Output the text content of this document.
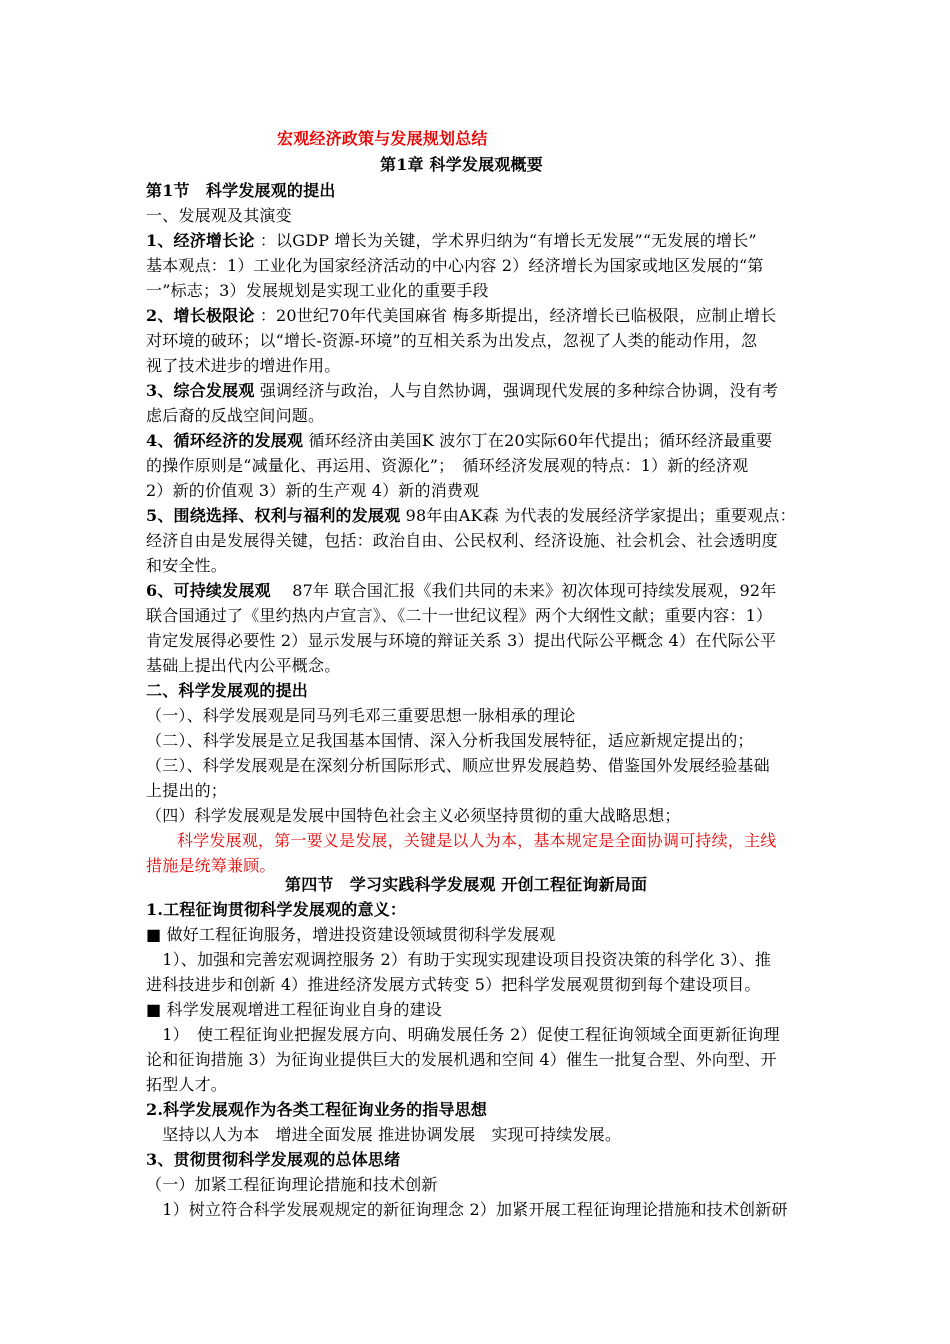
宏观经济政策与发展规划总结
第1章 科学发展观概要
第1节　科学发展观的提出
一、发展观及其演变
1、经济增长论 ：以GDP 增长为关键，学术界归纳为“有增长无发展”“无发展的增长”
基本观点：1）工业化为国家经济活动的中心内容 2）经济增长为国家或地区发展的“第
一”标志；3）发展规划是实现工业化的重要手段
2、增长极限论 ：20世纪70年代美国麻省 梅多斯提出，经济增长已临极限，应制止增长
对环境的破环；以“增长-资源-环境”的互相关系为出发点，忽视了人类的能动作用，忽
视了技术进步的增进作用。
3、综合发展观 强调经济与政治，人与自然协调，强调现代发展的多种综合协调，没有考
虑后裔的反战空间问题。
4、循环经济的发展观 循环经济由美国K 波尔丁在20实际60年代提出；循环经济最重要
的操作原则是“减量化、再运用、资源化”；　循环经济发展观的特点：1）新的经济观
2）新的价值观 3）新的生产观 4）新的消费观
5、围绕选择、权利与福利的发展观 98年由AK森 为代表的发展经济学家提出；重要观点：
经济自由是发展得关键，包括：政治自由、公民权利、经济设施、社会机会、社会透明度
和安全性。
6、可持续发展观　 87年 联合国汇报《我们共同的未来》初次体现可持续发展观，92年
联合国通过了《里约热内卢宣言》、《二十一世纪议程》两个大纲性文献；重要内容：1）
肯定发展得必要性 2）显示发展与环境的辩证关系 3）提出代际公平概念 4）在代际公平
基础上提出代内公平概念。
二、科学发展观的提出
（一）、科学发展观是同马列毛邓三重要思想一脉相承的理论
（二）、科学发展是立足我国基本国情、深入分析我国发展特征，适应新规定提出的；
（三）、科学发展观是在深刻分析国际形式、顺应世界发展趋势、借鉴国外发展经验基础
上提出的；
（四）科学发展观是发展中国特色社会主义必须坚持贯彻的重大战略思想；
科学发展观，第一要义是发展，关键是以人为本，基本规定是全面协调可持续，主线
措施是统筹兼顾。
第四节　学习实践科学发展观 开创工程征询新局面
1.工程征询贯彻科学发展观的意义：
■ 做好工程征询服务，增进投资建设领域贯彻科学发展观
　1）、加强和完善宏观调控服务 2）有助于实现实现建设项目投资决策的科学化 3）、推
进科技进步和创新 4）推进经济发展方式转变 5）把科学发展观贯彻到每个建设项目。
■ 科学发展观增进工程征询业自身的建设
　1）　使工程征询业把握发展方向、明确发展任务 2）促使工程征询领域全面更新征询理
论和征询措施 3）为征询业提供巨大的发展机遇和空间 4）催生一批复合型、外向型、开
拓型人才。
2.科学发展观作为各类工程征询业务的指导思想
　坚持以人为本　增进全面发展 推进协调发展　实现可持续发展。
3、贯彻贯彻科学发展观的总体思绪
（一）加紧工程征询理论措施和技术创新
　1）树立符合科学发展观规定的新征询理念 2）加紧开展工程征询理论措施和技术创新研
